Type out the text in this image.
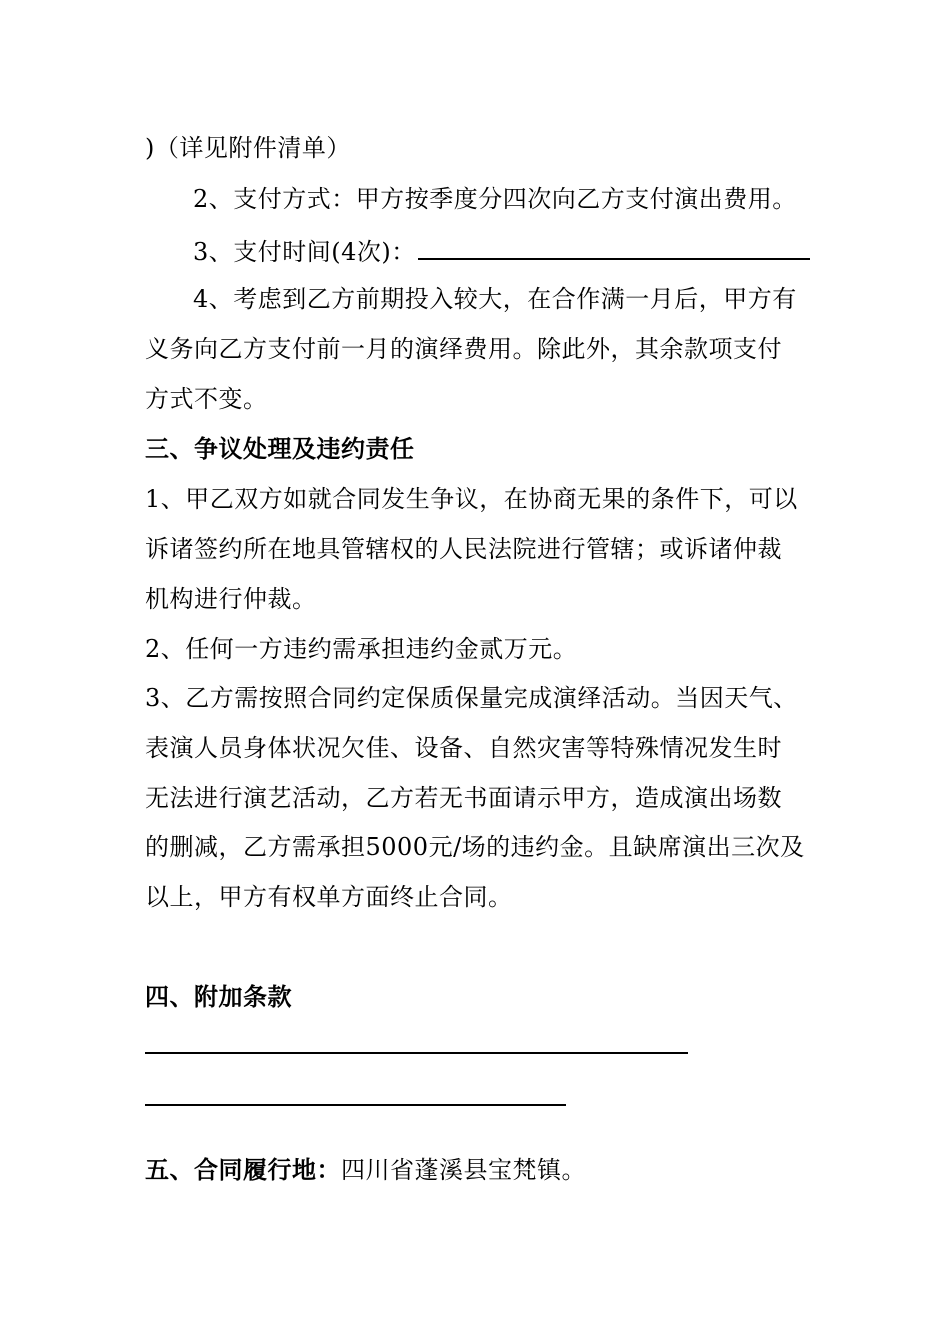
)（详见附件清单）
2、支付方式：甲方按季度分四次向乙方支付演出费用。
3、支付时间(4次)：
4、考虑到乙方前期投入较大，在合作满一月后，甲方有
义务向乙方支付前一月的演绎费用。除此外，其余款项支付
方式不变。
三、争议处理及违约责任
1、甲乙双方如就合同发生争议，在协商无果的条件下，可以
诉诸签约所在地具管辖权的人民法院进行管辖；或诉诸仲裁
机构进行仲裁。
2、任何一方违约需承担违约金贰万元。
3、乙方需按照合同约定保质保量完成演绎活动。当因天气、
表演人员身体状况欠佳、设备、自然灾害等特殊情况发生时
无法进行演艺活动，乙方若无书面请示甲方，造成演出场数
的删减，乙方需承担5000元/场的违约金。且缺席演出三次及
以上，甲方有权单方面终止合同。
四、附加条款
五、合同履行地：四川省蓬溪县宝梵镇。
